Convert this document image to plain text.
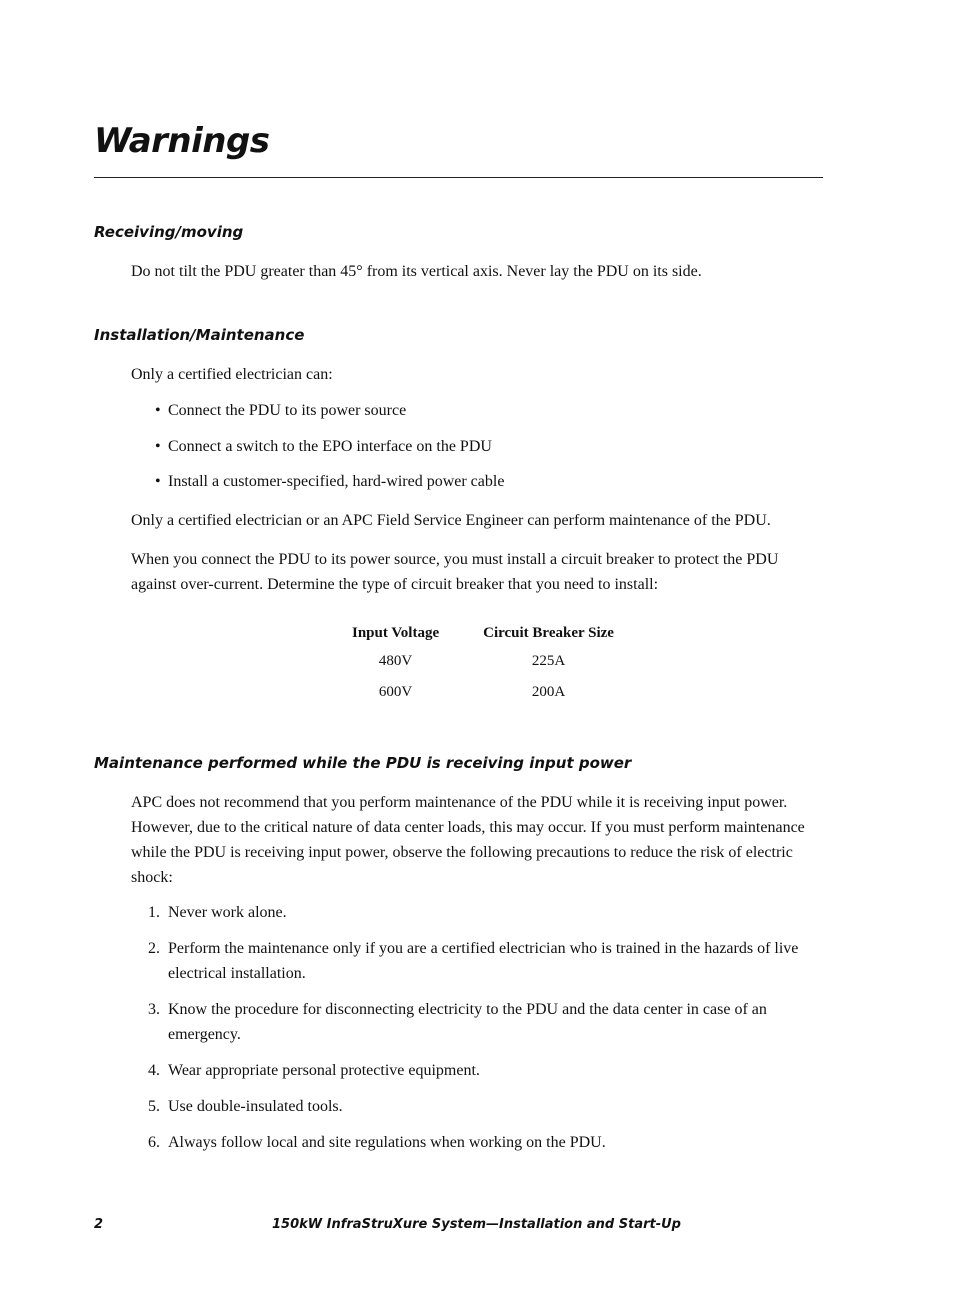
Warnings
Receiving/moving

Do not tilt the PDU greater than 45° from its vertical axis. Never lay the PDU on its side.

Installation/Maintenance

Only a certified electrician can:

• Connect the PDU to its power source

• Connect a switch to the EPO interface on the PDU

• Install a customer-specified, hard-wired power cable

Only a certified electrician or an APC Field Service Engineer can perform maintenance of the PDU.

When you connect the PDU to its power source, you must install a circuit breaker to protect the PDU against over-current. Determine the type of circuit breaker that you need to install:

Input Voltage	Circuit Breaker Size
480V	225A
600V	200A
Maintenance performed while the PDU is receiving input power

APC does not recommend that you perform maintenance of the PDU while it is receiving input power. However, due to the critical nature of data center loads, this may occur. If you must perform maintenance while the PDU is receiving input power, observe the following precautions to reduce the risk of electric shock:

1. Never work alone.

2. Perform the maintenance only if you are a certified electrician who is trained in the hazards of live electrical installation.

3. Know the procedure for disconnecting electricity to the PDU and the data center in case of an emergency.

4. Wear appropriate personal protective equipment.

5. Use double-insulated tools.

6. Always follow local and site regulations when working on the PDU.

2	150kW InfraStruXure System—Installation and Start-Up
